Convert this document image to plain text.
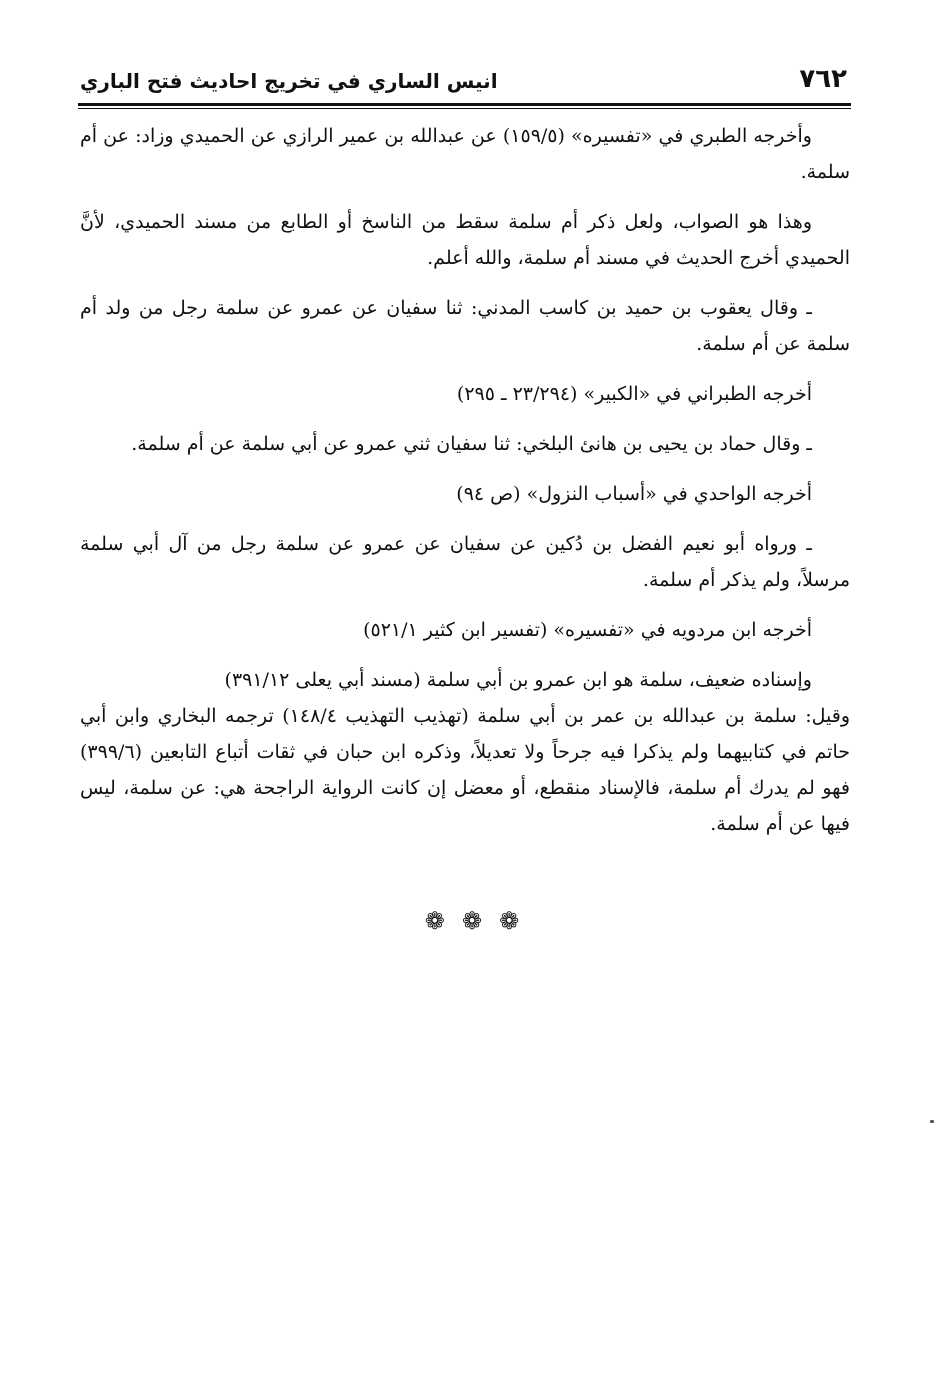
٧٦٢
انيس الساري في تخريج احاديث فتح الباري

وأخرجه الطبري في «تفسيره» (١٥٩/٥) عن عبدالله بن عمير الرازي عن الحميدي وزاد: عن أم سلمة.

وهذا هو الصواب، ولعل ذكر أم سلمة سقط من الناسخ أو الطابع من مسند الحميدي، لأنَّ الحميدي أخرج الحديث في مسند أم سلمة، والله أعلم.

ـ وقال يعقوب بن حميد بن كاسب المدني: ثنا سفيان عن عمرو عن سلمة رجل من ولد أم سلمة عن أم سلمة.

أخرجه الطبراني في «الكبير» (٢٣/٢٩٤ ـ ٢٩٥)

ـ وقال حماد بن يحيى بن هانئ البلخي: ثنا سفيان ثني عمرو عن أبي سلمة عن أم سلمة.

أخرجه الواحدي في «أسباب النزول» (ص ٩٤)

ـ ورواه أبو نعيم الفضل بن دُكين عن سفيان عن عمرو عن سلمة رجل من آل أبي سلمة مرسلاً، ولم يذكر أم سلمة.

أخرجه ابن مردويه في «تفسيره» (تفسير ابن كثير ٥٢١/١)

وإسناده ضعيف، سلمة هو ابن عمرو بن أبي سلمة (مسند أبي يعلى ٣٩١/١٢)

وقيل: سلمة بن عبدالله بن عمر بن أبي سلمة (تهذيب التهذيب ١٤٨/٤) ترجمه البخاري وابن أبي حاتم في كتابيهما ولم يذكرا فيه جرحاً ولا تعديلاً، وذكره ابن حبان في ثقات أتباع التابعين (٣٩٩/٦) فهو لم يدرك أم سلمة، فالإسناد منقطع، أو معضل إن كانت الرواية الراجحة هي: عن سلمة، ليس فيها عن أم سلمة.

❁ ❁ ❁
